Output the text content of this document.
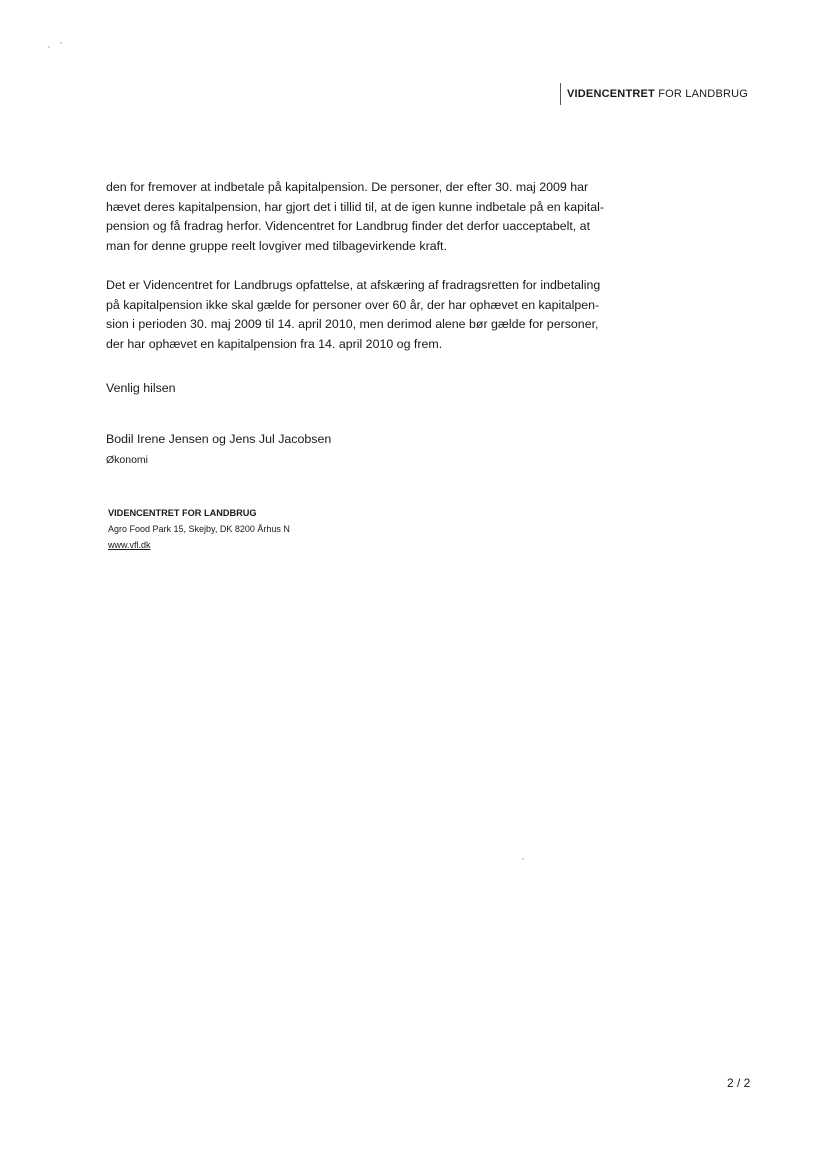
VIDENCENTRET FOR LANDBRUG

den for fremover at indbetale på kapitalpension. De personer, der efter 30. maj 2009 har
hævet deres kapitalpension, har gjort det i tillid til, at de igen kunne indbetale på en kapital-
pension og få fradrag herfor. Videncentret for Landbrug finder det derfor uacceptabelt, at
man for denne gruppe reelt lovgiver med tilbagevirkende kraft.

Det er Videncentret for Landbrugs opfattelse, at afskæring af fradragsretten for indbetaling
på kapitalpension ikke skal gælde for personer over 60 år, der har ophævet en kapitalpen-
sion i perioden 30. maj 2009 til 14. april 2010, men derimod alene bør gælde for personer,
der har ophævet en kapitalpension fra 14. april 2010 og frem.

Venlig hilsen
Bodil Irene Jensen og Jens Jul Jacobsen
Økonomi
VIDENCENTRET FOR LANDBRUG
Agro Food Park 15, Skejby, DK 8200 Århus N
www.vfl.dk
2 / 2
